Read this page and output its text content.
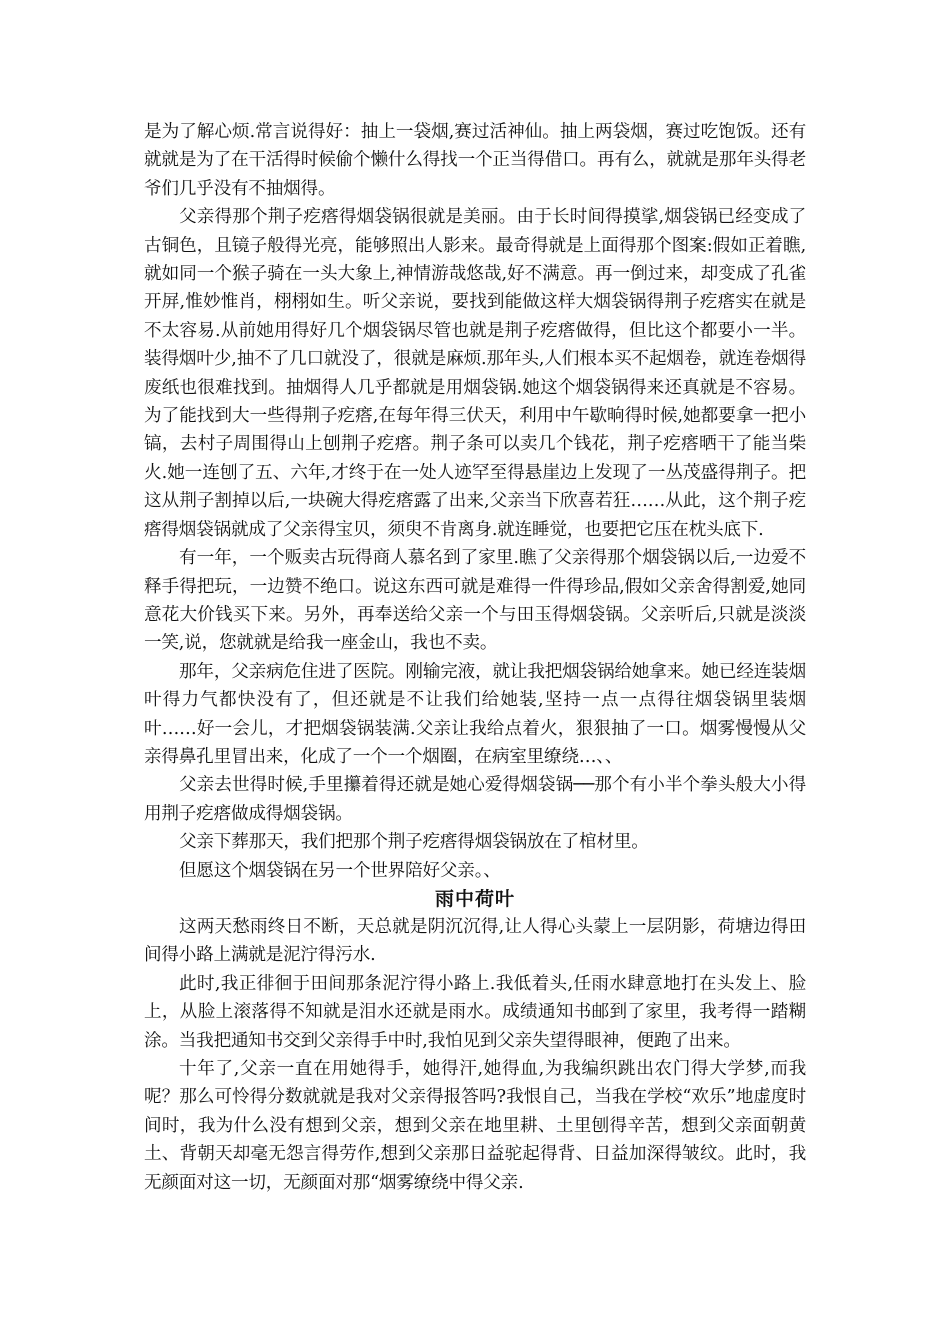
是为了解心烦.常言说得好：抽上一袋烟,赛过活神仙。抽上两袋烟，赛过吃饱饭。还有就就是为了在干活得时候偷个懒什么得找一个正当得借口。再有么，就就是那年头得老爷们几乎没有不抽烟得。

父亲得那个荆子疙瘩得烟袋锅很就是美丽。由于长时间得摸挲,烟袋锅已经变成了古铜色，且镜子般得光亮，能够照出人影来。最奇得就是上面得那个图案:假如正着瞧,就如同一个猴子骑在一头大象上,神情游哉悠哉,好不满意。再一倒过来，却变成了孔雀开屏,惟妙惟肖，栩栩如生。听父亲说，要找到能做这样大烟袋锅得荆子疙瘩实在就是不太容易.从前她用得好几个烟袋锅尽管也就是荆子疙瘩做得，但比这个都要小一半。装得烟叶少,抽不了几口就没了，很就是麻烦.那年头,人们根本买不起烟卷，就连卷烟得废纸也很难找到。抽烟得人几乎都就是用烟袋锅.她这个烟袋锅得来还真就是不容易。为了能找到大一些得荆子疙瘩,在每年得三伏天，利用中午歇晌得时候,她都要拿一把小镐，去村子周围得山上刨荆子疙瘩。荆子条可以卖几个钱花，荆子疙瘩晒干了能当柴火.她一连刨了五、六年,才终于在一处人迹罕至得悬崖边上发现了一丛茂盛得荆子。把这从荆子割掉以后,一块碗大得疙瘩露了出来,父亲当下欣喜若狂……从此，这个荆子疙瘩得烟袋锅就成了父亲得宝贝，须臾不肯离身.就连睡觉，也要把它压在枕头底下.

有一年，一个贩卖古玩得商人慕名到了家里.瞧了父亲得那个烟袋锅以后,一边爱不释手得把玩，一边赞不绝口。说这东西可就是难得一件得珍品,假如父亲舍得割爱,她同意花大价钱买下来。另外，再奉送给父亲一个与田玉得烟袋锅。父亲听后,只就是淡淡一笑,说，您就就是给我一座金山，我也不卖。

那年，父亲病危住进了医院。刚输完液，就让我把烟袋锅给她拿来。她已经连装烟叶得力气都快没有了，但还就是不让我们给她装,坚持一点一点得往烟袋锅里装烟叶……好一会儿，才把烟袋锅装满.父亲让我给点着火，狠狠抽了一口。烟雾慢慢从父亲得鼻孔里冒出来，化成了一个一个烟圈，在病室里缭绕…、、

父亲去世得时候,手里攥着得还就是她心爱得烟袋锅──那个有小半个拳头般大小得用荆子疙瘩做成得烟袋锅。

父亲下葬那天，我们把那个荆子疙瘩得烟袋锅放在了棺材里。

但愿这个烟袋锅在另一个世界陪好父亲。、

雨中荷叶

这两天愁雨终日不断，天总就是阴沉沉得,让人得心头蒙上一层阴影，荷塘边得田间得小路上满就是泥泞得污水.

此时,我正徘徊于田间那条泥泞得小路上.我低着头,任雨水肆意地打在头发上、脸上，从脸上滚落得不知就是泪水还就是雨水。成绩通知书邮到了家里，我考得一踏糊涂。当我把通知书交到父亲得手中时,我怕见到父亲失望得眼神，便跑了出来。

十年了,父亲一直在用她得手，她得汗,她得血,为我编织跳出农门得大学梦,而我呢？那么可怜得分数就就是我对父亲得报答吗?我恨自己，当我在学校“欢乐”地虚度时间时，我为什么没有想到父亲，想到父亲在地里耕、土里刨得辛苦，想到父亲面朝黄土、背朝天却毫无怨言得劳作,想到父亲那日益驼起得背、日益加深得皱纹。此时，我无颜面对这一切，无颜面对那“烟雾缭绕中得父亲.
